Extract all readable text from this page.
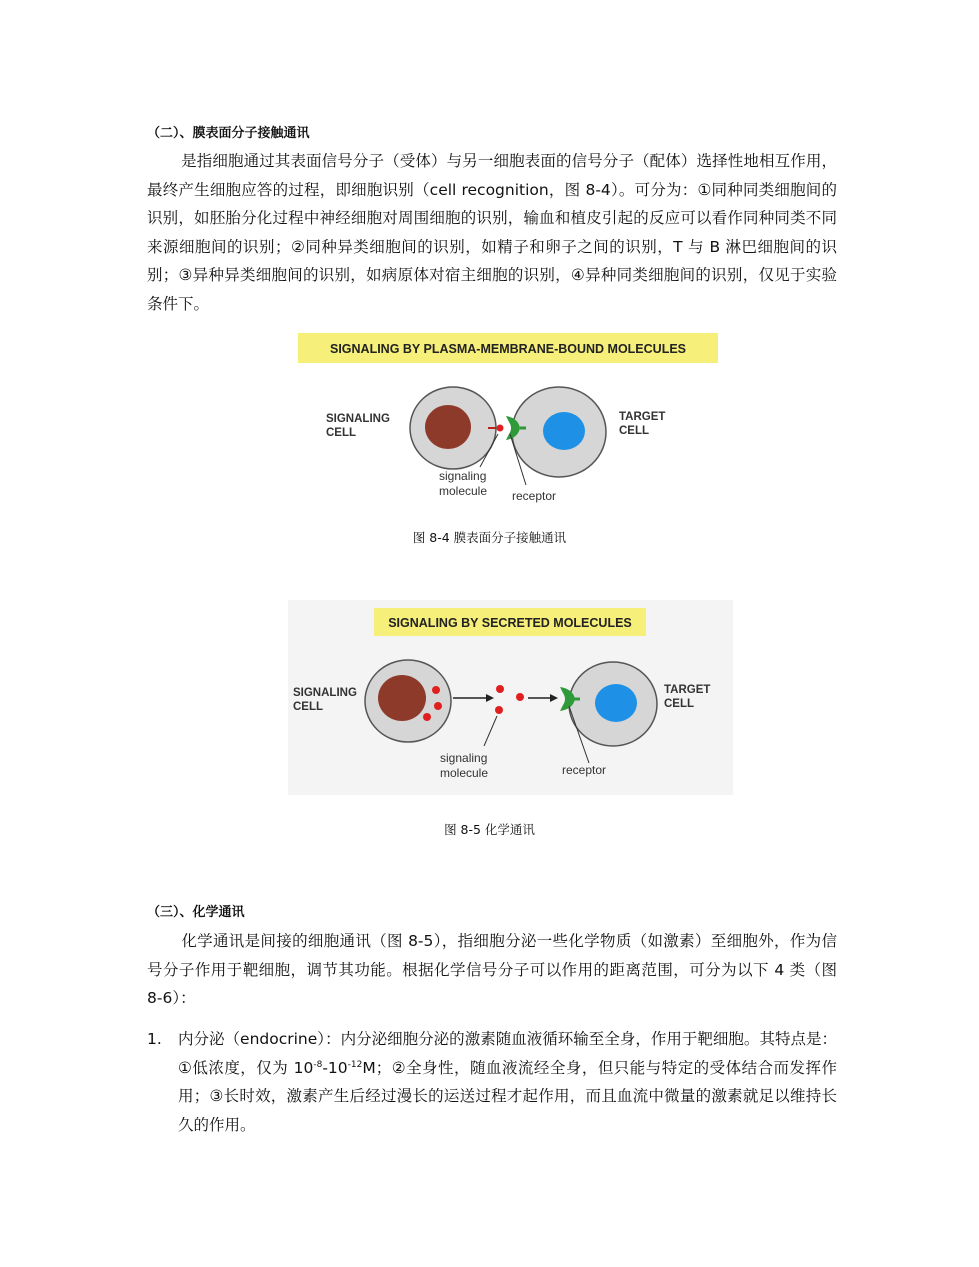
（二）、膜表面分子接触通讯
是指细胞通过其表面信号分子（受体）与另一细胞表面的信号分子（配体）选择性地相互作用，最终产生细胞应答的过程，即细胞识别（cell recognition，图 8-4）。可分为：①同种同类细胞间的识别，如胚胎分化过程中神经细胞对周围细胞的识别，输血和植皮引起的反应可以看作同种同类不同来源细胞间的识别；②同种异类细胞间的识别，如精子和卵子之间的识别，T 与 B 淋巴细胞间的识别；③异种异类细胞间的识别，如病原体对宿主细胞的识别，④异种同类细胞间的识别，仅见于实验条件下。
SIGNALING BY PLASMA-MEMBRANE-BOUND MOLECULES
SIGNALING
CELL
TARGET
CELL
signaling
molecule receptor
图 8-4 膜表面分子接触通讯
SIGNALING BY SECRETED MOLECULES
SIGNALING
CELL
TARGET
CELL
signaling
molecule	receptor
图 8-5 化学通讯
（三）、化学通讯
化学通讯是间接的细胞通讯（图 8-5），指细胞分泌一些化学物质（如激素）至细胞外，作为信号分子作用于靶细胞，调节其功能。根据化学信号分子可以作用的距离范围，可分为以下 4 类（图 8-6）：
1.	内分泌（endocrine）：内分泌细胞分泌的激素随血液循环输至全身，作用于靶细胞。其特点是：①低浓度，仅为 $10^{-8}-10^{-12}M$；②全身性，随血液流经全身，但只能与特定的受体结合而发挥作用；③长时效，激素产生后经过漫长的运送过程才起作用，而且血流中微量的激素就足以维持长久的作用。
